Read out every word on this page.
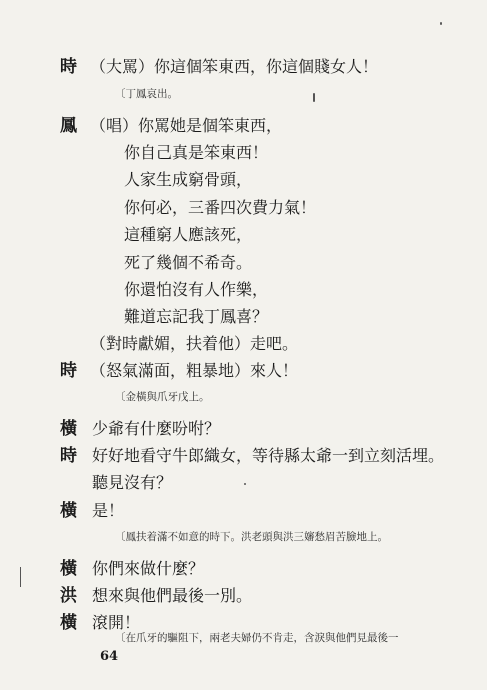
時 （大罵）你這個笨東西，你這個賤女人！
〔丁鳳哀出。
鳳 （唱）你罵她是個笨東西，
你自己真是笨東西！
人家生成窮骨頭，
你何必，三番四次費力氣！
這種窮人應該死，
死了幾個不希奇。
你還怕沒有人作樂，
難道忘記我丁鳳喜？
（對時獻媚，扶着他）走吧。
時 （怒氣滿面，粗暴地）來人！
〔金橫與爪牙戊上。
橫 少爺有什麼吩咐？
時 好好地看守牛郎織女，等待縣太爺一到立刻活埋。
聽見沒有？
橫 是！
〔鳳扶着滿不如意的時下。洪老頭與洪三嬸愁眉苦臉地上。
橫 你們來做什麼？
洪 想來與他們最後一別。
橫 滾開！
〔在爪牙的驅阻下，兩老夫婦仍不肯走，含淚與他們見最後一
64
